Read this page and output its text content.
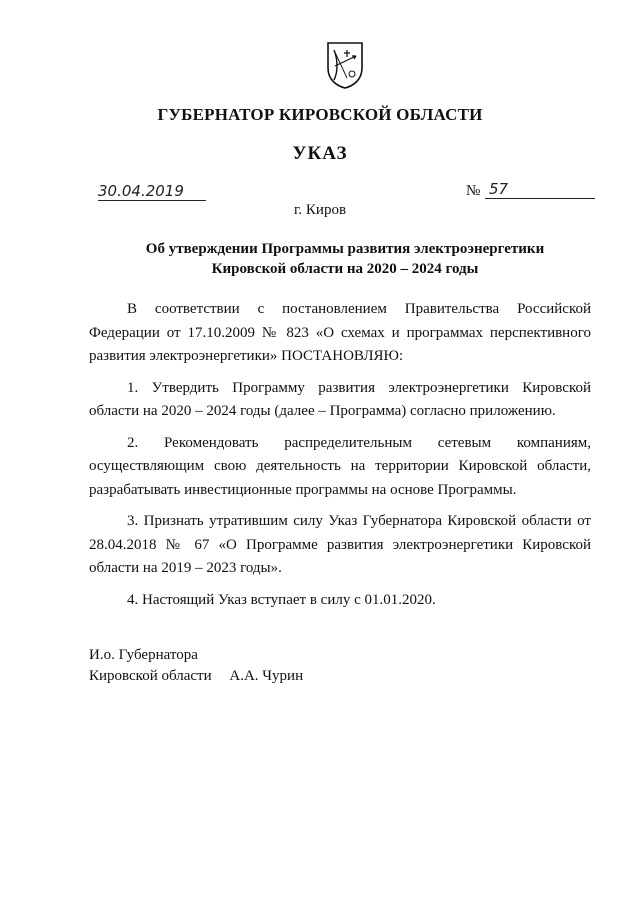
ГУБЕРНАТОР КИРОВСКОЙ ОБЛАСТИ
УКАЗ
30.04.2019	№ 57
г. Киров
Об утверждении Программы развития электроэнергетики
Кировской области на 2020 – 2024 годы

В соответствии с постановлением Правительства Российской Федерации от 17.10.2009 № 823 «О схемах и программах перспективного развития электроэнергетики» ПОСТАНОВЛЯЮ:

1. Утвердить Программу развития электроэнергетики Кировской области на 2020 – 2024 годы (далее – Программа) согласно приложению.

2. Рекомендовать распределительным сетевым компаниям, осуществляющим свою деятельность на территории Кировской области, разрабатывать инвестиционные программы на основе Программы.

3. Признать утратившим силу Указ Губернатора Кировской области от 28.04.2018 № 67 «О Программе развития электроэнергетики Кировской области на 2019 – 2023 годы».

4. Настоящий Указ вступает в силу с 01.01.2020.

И.о. Губернатора
Кировской области А.А. Чурин
